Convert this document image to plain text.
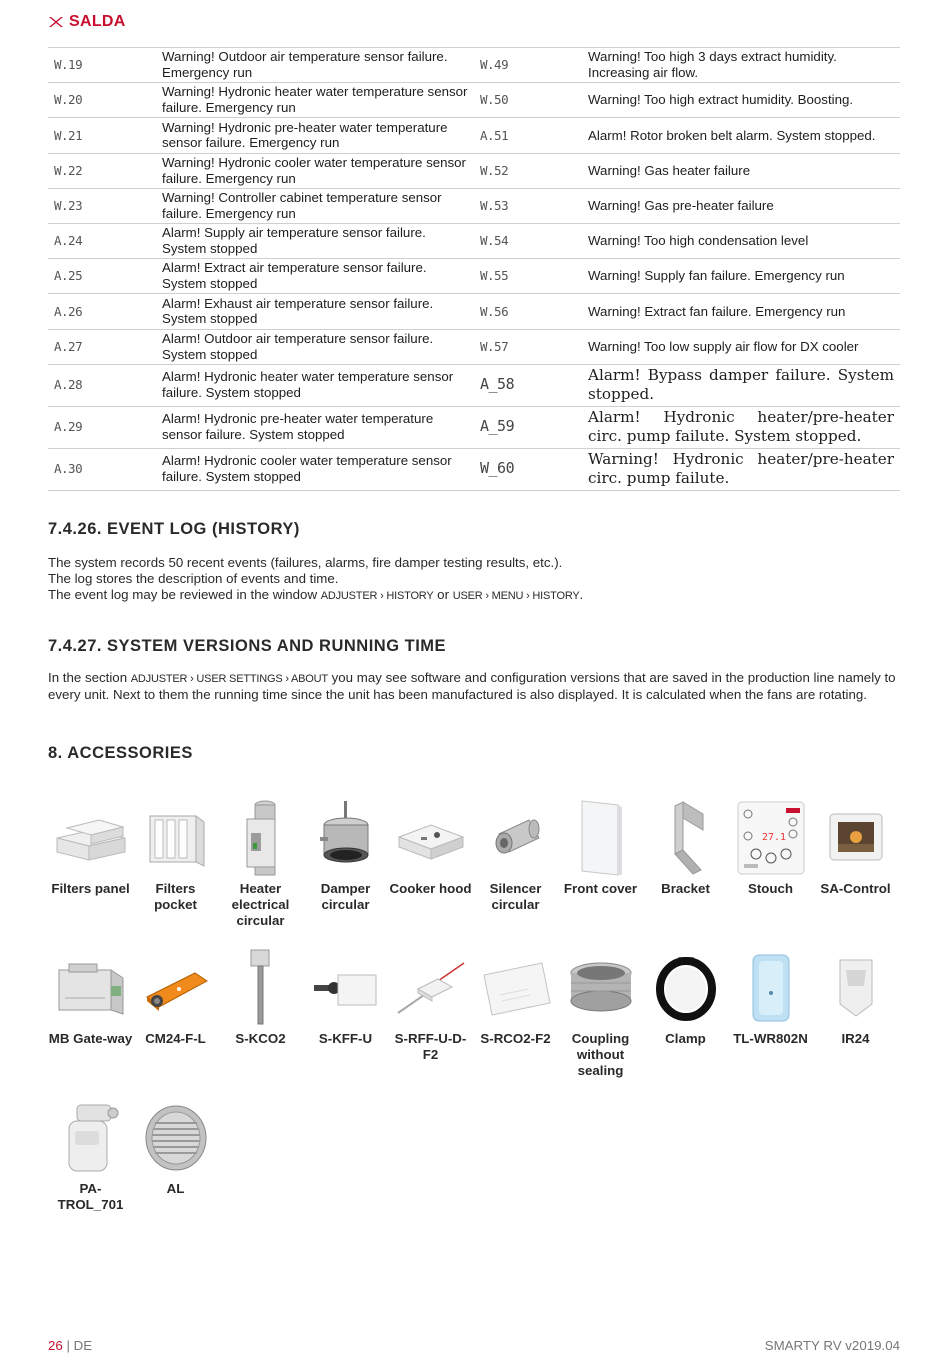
SALDA
W.19	Warning! Outdoor air temperature sensor failure. Emergency run	W.49	Warning! Too high 3 days extract humidity. Increasing air flow.
W.20	Warning! Hydronic heater water temperature sensor failure. Emergency run	W.50	Warning! Too high extract humidity. Boosting.
W.21	Warning! Hydronic pre-heater water temperature sensor failure. Emergency run	A.51	Alarm! Rotor broken belt alarm. System stopped.
W.22	Warning! Hydronic cooler water temperature sensor failure. Emergency run	W.52	Warning! Gas heater failure
W.23	Warning! Controller cabinet temperature sensor failure. Emergency run	W.53	Warning! Gas pre-heater failure
A.24	Alarm! Supply air temperature sensor failure. System stopped	W.54	Warning! Too high condensation level
A.25	Alarm! Extract air temperature sensor failure. System stopped	W.55	Warning! Supply fan failure. Emergency run
A.26	Alarm! Exhaust air temperature sensor failure. System stopped	W.56	Warning! Extract fan failure. Emergency run
A.27	Alarm! Outdoor air temperature sensor failure. System stopped	W.57	Warning! Too low supply air flow for DX cooler
A.28	Alarm! Hydronic heater water temperature sensor failure. System stopped	A_58	Alarm! Bypass damper failure. System stopped.
A.29	Alarm! Hydronic pre-heater water temperature sensor failure. System stopped	A_59	Alarm! Hydronic heater/pre-heater circ. pump failute. System stopped.
A.30	Alarm! Hydronic cooler water temperature sensor failure. System stopped	W_60	Warning! Hydronic heater/pre-heater circ. pump failute.
7.4.26. EVENT LOG (HISTORY)
The system records 50 recent events (failures, alarms, fire damper testing results, etc.).
The log stores the description of events and time.
The event log may be reviewed in the window ADJUSTER › HISTORY or USER › MENU › HISTORY.
7.4.27. SYSTEM VERSIONS AND RUNNING TIME
In the section ADJUSTER › USER SETTINGS › ABOUT you may see software and configuration versions that are saved in the production line namely to every unit. Next to them the running time since the unit has been manufactured is also displayed. It is calculated when the fans are rotating.
8. ACCESSORIES
Filters panel	Filters pocket
Heater electrical circular
Damper circular
Cooker hood	Silencer circular
Front cover	Bracket
27.1
Stouch	SA-Control
MB Gate-way CM24-F-L	S-KCO2	S-KFF-U	S-RFF-U-D-F2
S-RCO2-F2	Coupling without sealing
Clamp	TL-WR802N	IR24
PA-TROL_701
AL
26 | DE	SMARTY RV v2019.04
